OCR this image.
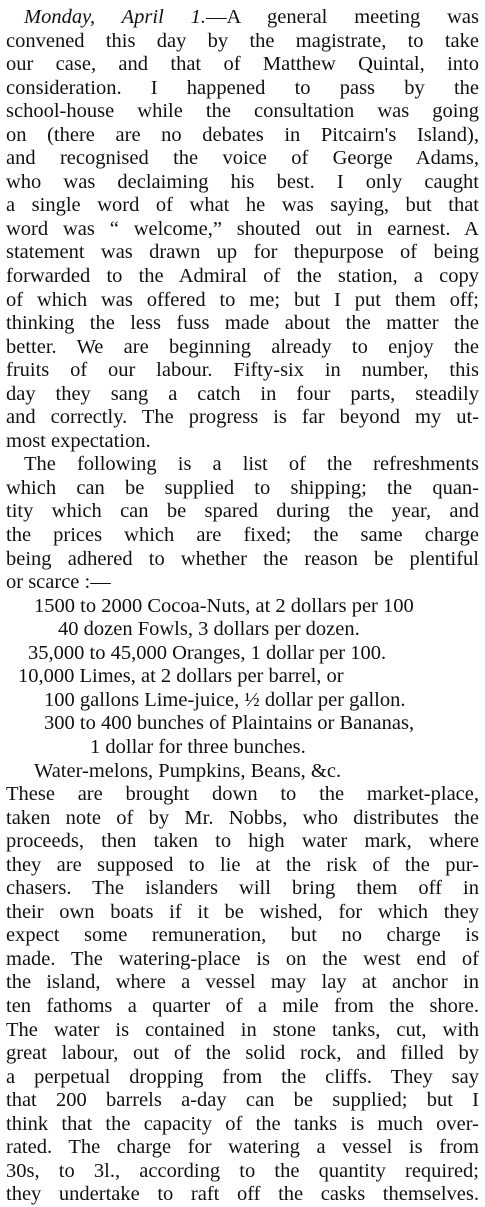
Monday, April 1.—A general meeting was
convened this day by the magistrate, to take
our case, and that of Matthew Quintal, into
consideration. I happened to pass by the
school-house while the consultation was going
on (there are no debates in Pitcairn's Island),
and recognised the voice of George Adams,
who was declaiming his best. I only caught
a single word of what he was saying, but that
word was “ welcome,” shouted out in earnest. A
statement was drawn up for thepurpose of being
forwarded to the Admiral of the station, a copy
of which was offered to me; but I put them off;
thinking the less fuss made about the matter the
better. We are beginning already to enjoy the
fruits of our labour. Fifty-six in number, this
day they sang a catch in four parts, steadily
and correctly. The progress is far beyond my ut-
most expectation.
The following is a list of the refreshments
which can be supplied to shipping; the quan-
tity which can be spared during the year, and
the prices which are fixed; the same charge
being adhered to whether the reason be plentiful
or scarce :—
1500 to 2000 Cocoa-Nuts, at 2 dollars per 100
40 dozen Fowls, 3 dollars per dozen.
35,000 to 45,000 Oranges, 1 dollar per 100.
10,000 Limes, at 2 dollars per barrel, or
100 gallons Lime-juice, ½ dollar per gallon.
300 to 400 bunches of Plaintains or Bananas,
1 dollar for three bunches.
Water-melons, Pumpkins, Beans, &c.
These are brought down to the market-place,
taken note of by Mr. Nobbs, who distributes the
proceeds, then taken to high water mark, where
they are supposed to lie at the risk of the pur-
chasers. The islanders will bring them off in
their own boats if it be wished, for which they
expect some remuneration, but no charge is
made. The watering-place is on the west end of
the island, where a vessel may lay at anchor in
ten fathoms a quarter of a mile from the shore.
The water is contained in stone tanks, cut, with
great labour, out of the solid rock, and filled by
a perpetual dropping from the cliffs. They say
that 200 barrels a-day can be supplied; but I
think that the capacity of the tanks is much over-
rated. The charge for watering a vessel is from
30s, to 3l., according to the quantity required;
they undertake to raft off the casks themselves.
